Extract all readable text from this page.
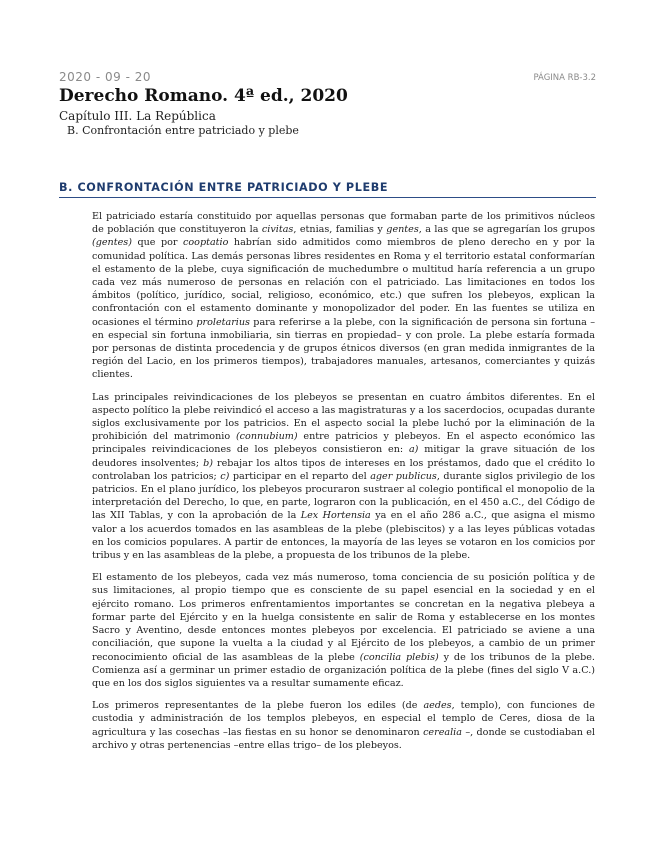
2020 - 09 - 20	PÁGINA RB-3.2
Derecho Romano. 4ª ed., 2020
Capítulo III. La República
B. Confrontación entre patriciado y plebe
B. CONFRONTACIÓN ENTRE PATRICIADO Y PLEBE

El patriciado estaría constituido por aquellas personas que formaban parte de los primitivos núcleos de población que constituyeron la civitas, etnias, familias y gentes, a las que se agregarían los grupos (gentes) que por cooptatio habrían sido admitidos como miembros de pleno derecho en y por la comunidad política. Las demás personas libres residentes en Roma y el territorio estatal conformarían el estamento de la plebe, cuya significación de muchedumbre o multitud haría referencia a un grupo cada vez más numeroso de personas en relación con el patriciado. Las limitaciones en todos los ámbitos (político, jurídico, social, religioso, económico, etc.) que sufren los plebeyos, explican la confrontación con el estamento dominante y monopolizador del poder. En las fuentes se utiliza en ocasiones el término proletarius para referirse a la plebe, con la significación de persona sin fortuna –en especial sin fortuna inmobiliaria, sin tierras en propiedad– y con prole. La plebe estaría formada por personas de distinta procedencia y de grupos étnicos diversos (en gran medida inmigrantes de la región del Lacio, en los primeros tiempos), trabajadores manuales, artesanos, comerciantes y quizás clientes.

Las principales reivindicaciones de los plebeyos se presentan en cuatro ámbitos diferentes. En el aspecto político la plebe reivindicó el acceso a las magistraturas y a los sacerdocios, ocupadas durante siglos exclusivamente por los patricios. En el aspecto social la plebe luchó por la eliminación de la prohibición del matrimonio (connubium) entre patricios y plebeyos. En el aspecto económico las principales reivindicaciones de los plebeyos consistieron en: a) mitigar la grave situación de los deudores insolventes; b) rebajar los altos tipos de intereses en los préstamos, dado que el crédito lo controlaban los patricios; c) participar en el reparto del ager publicus, durante siglos privilegio de los patricios. En el plano jurídico, los plebeyos procuraron sustraer al colegio pontifical el monopolio de la interpretación del Derecho, lo que, en parte, lograron con la publicación, en el 450 a.C., del Código de las XII Tablas, y con la aprobación de la Lex Hortensia ya en el año 286 a.C., que asigna el mismo valor a los acuerdos tomados en las asambleas de la plebe (plebiscitos) y a las leyes públicas votadas en los comicios populares. A partir de entonces, la mayoría de las leyes se votaron en los comicios por tribus y en las asambleas de la plebe, a propuesta de los tribunos de la plebe.

El estamento de los plebeyos, cada vez más numeroso, toma conciencia de su posición política y de sus limitaciones, al propio tiempo que es consciente de su papel esencial en la sociedad y en el ejército romano. Los primeros enfrentamientos importantes se concretan en la negativa plebeya a formar parte del Ejército y en la huelga consistente en salir de Roma y establecerse en los montes Sacro y Aventino, desde entonces montes plebeyos por excelencia. El patriciado se aviene a una conciliación, que supone la vuelta a la ciudad y al Ejército de los plebeyos, a cambio de un primer reconocimiento oficial de las asambleas de la plebe (concilia plebis) y de los tribunos de la plebe. Comienza así a germinar un primer estadio de organización política de la plebe (fines del siglo V a.C.) que en los dos siglos siguientes va a resultar sumamente eficaz.

Los primeros representantes de la plebe fueron los ediles (de aedes, templo), con funciones de custodia y administración de los templos plebeyos, en especial el templo de Ceres, diosa de la agricultura y las cosechas –las fiestas en su honor se denominaron cerealia –, donde se custodiaban el archivo y otras pertenencias –entre ellas trigo– de los plebeyos.
